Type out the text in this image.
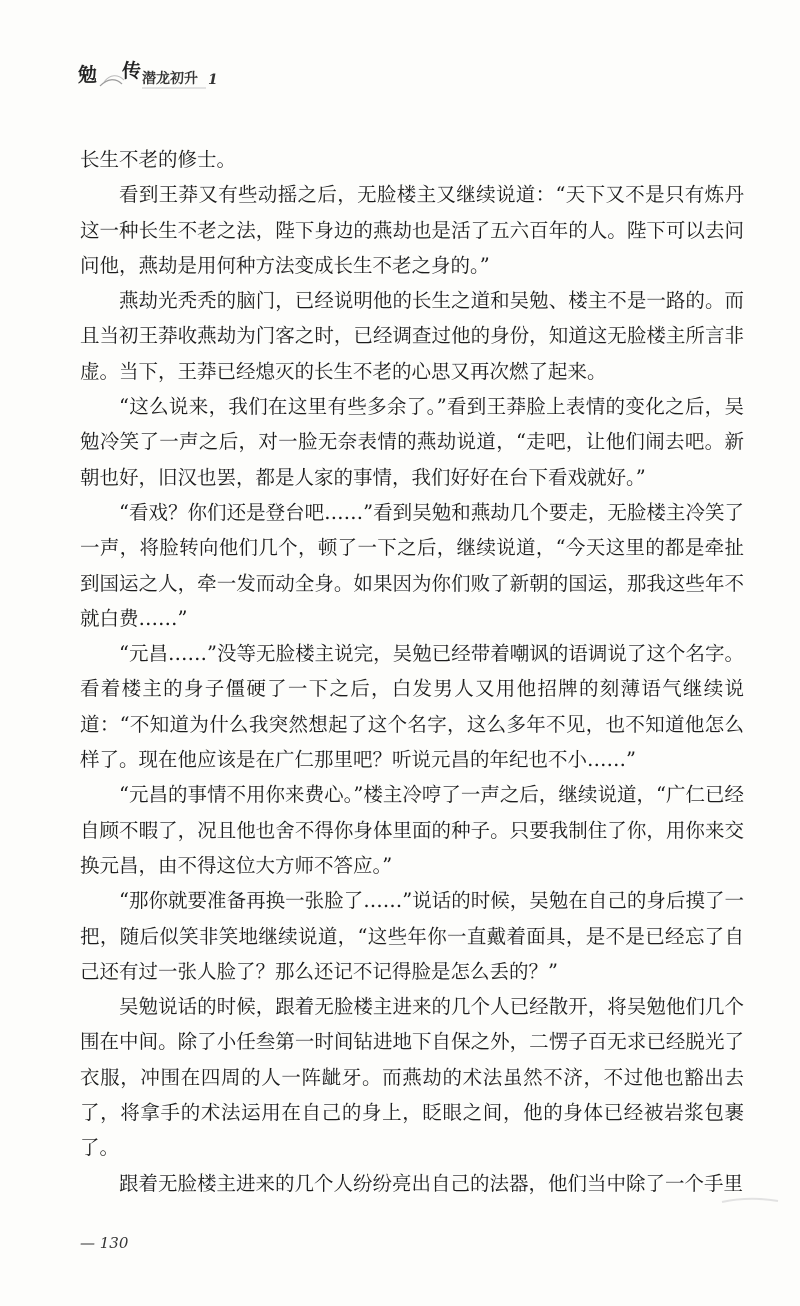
勉 传 潜龙初升 1

长生不老的修士。

看到王莽又有些动摇之后，无脸楼主又继续说道：“天下又不是只有炼丹这一种长生不老之法，陛下身边的燕劫也是活了五六百年的人。陛下可以去问问他，燕劫是用何种方法变成长生不老之身的。”

燕劫光秃秃的脑门，已经说明他的长生之道和吴勉、楼主不是一路的。而且当初王莽收燕劫为门客之时，已经调查过他的身份，知道这无脸楼主所言非虚。当下，王莽已经熄灭的长生不老的心思又再次燃了起来。

“这么说来，我们在这里有些多余了。”看到王莽脸上表情的变化之后，吴勉冷笑了一声之后，对一脸无奈表情的燕劫说道，“走吧，让他们闹去吧。新朝也好，旧汉也罢，都是人家的事情，我们好好在台下看戏就好。”

“看戏？你们还是登台吧……”看到吴勉和燕劫几个要走，无脸楼主冷笑了一声，将脸转向他们几个，顿了一下之后，继续说道，“今天这里的都是牵扯到国运之人，牵一发而动全身。如果因为你们败了新朝的国运，那我这些年不就白费……”

“元昌……”没等无脸楼主说完，吴勉已经带着嘲讽的语调说了这个名字。看着楼主的身子僵硬了一下之后，白发男人又用他招牌的刻薄语气继续说道：“不知道为什么我突然想起了这个名字，这么多年不见，也不知道他怎么样了。现在他应该是在广仁那里吧？听说元昌的年纪也不小……”

“元昌的事情不用你来费心。”楼主冷哼了一声之后，继续说道，“广仁已经自顾不暇了，况且他也舍不得你身体里面的种子。只要我制住了你，用你来交换元昌，由不得这位大方师不答应。”

“那你就要准备再换一张脸了……”说话的时候，吴勉在自己的身后摸了一把，随后似笑非笑地继续说道，“这些年你一直戴着面具，是不是已经忘了自己还有过一张人脸了？那么还记不记得脸是怎么丢的？”

吴勉说话的时候，跟着无脸楼主进来的几个人已经散开，将吴勉他们几个围在中间。除了小任叁第一时间钻进地下自保之外，二愣子百无求已经脱光了衣服，冲围在四周的人一阵龇牙。而燕劫的术法虽然不济，不过他也豁出去了，将拿手的术法运用在自己的身上，眨眼之间，他的身体已经被岩浆包裹了。

跟着无脸楼主进来的几个人纷纷亮出自己的法器，他们当中除了一个手里

— 130
